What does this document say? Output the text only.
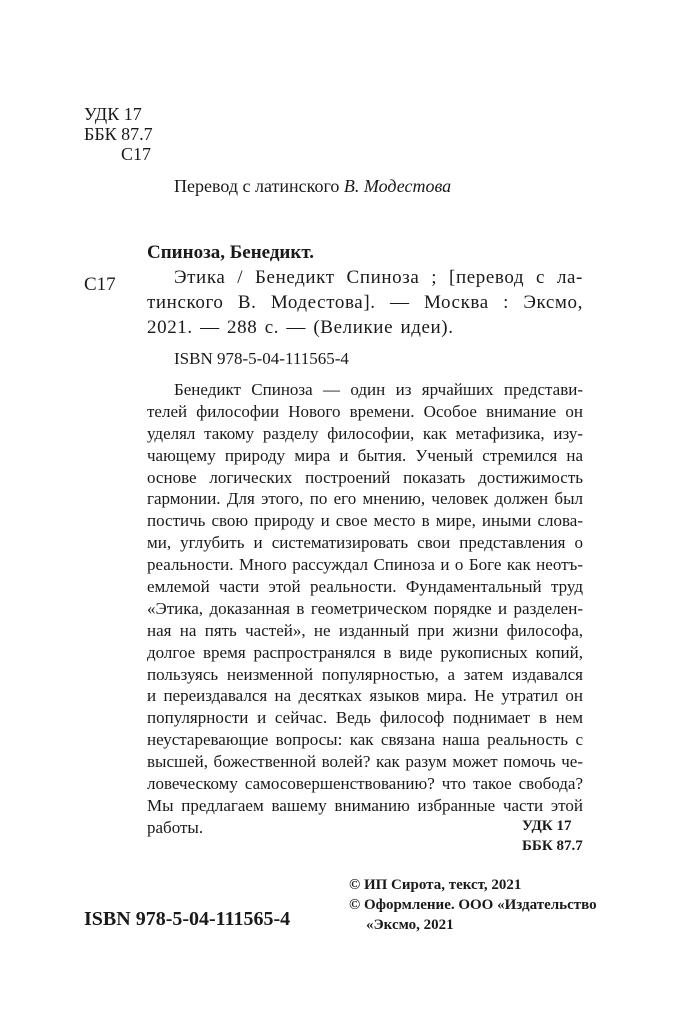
УДК 17
ББК 87.7
С17
Перевод с латинского В. Модестова
Спиноза, Бенедикт.
С17	Этика / Бенедикт Спиноза ; [перевод с ла-
тинского В. Модестова]. — Москва : Эксмо,
2021. — 288 с. — (Великие идеи).
ISBN 978-5-04-111565-4
Бенедикт Спиноза — один из ярчайших представи-
телей философии Нового времени. Особое внимание он
уделял такому разделу философии, как метафизика, изу-
чающему природу мира и бытия. Ученый стремился на
основе логических построений показать достижимость
гармонии. Для этого, по его мнению, человек должен был
постичь свою природу и свое место в мире, иными слова-
ми, углубить и систематизировать свои представления о
реальности. Много рассуждал Спиноза и о Боге как неотъ-
емлемой части этой реальности. Фундаментальный труд
«Этика, доказанная в геометрическом порядке и разделен-
ная на пять частей», не изданный при жизни философа,
долгое время распространялся в виде рукописных копий,
пользуясь неизменной популярностью, а затем издавался
и переиздавался на десятках языков мира. Не утратил он
популярности и сейчас. Ведь философ поднимает в нем
неустаревающие вопросы: как связана наша реальность с
высшей, божественной волей? как разум может помочь че-
ловеческому самосовершенствованию? что такое свобода?
Мы предлагаем вашему вниманию избранные части этой
работы.	УДК 17
ББК 87.7
© ИП Сирота, текст, 2021
© Оформление. ООО «Издательство
«Эксмо, 2021
ISBN 978-5-04-111565-4
